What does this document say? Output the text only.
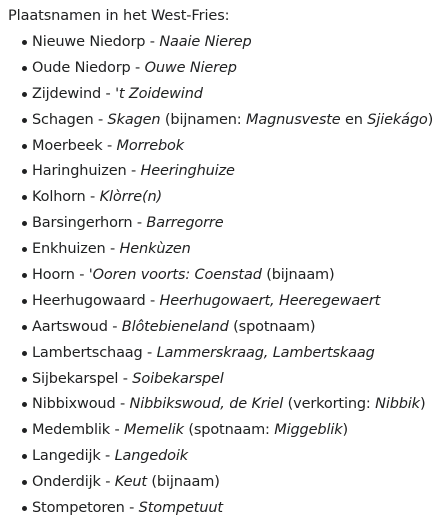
Plaatsnamen in het West-Fries:

Nieuwe Niedorp - Naaie Nierep
Oude Niedorp - Ouwe Nierep
Zijdewind - 't Zoidewind
Schagen - Skagen (bijnamen: Magnusveste en Sjiekágo)
Moerbeek - Morrebok
Haringhuizen - Heeringhuize
Kolhorn - Klòrre(n)
Barsingerhorn - Barregorre
Enkhuizen - Henkùzen
Hoorn - 'Ooren voorts: Coenstad (bijnaam)
Heerhugowaard - Heerhugowaert, Heeregewaert
Aartswoud - Blôtebieneland (spotnaam)
Lambertschaag - Lammerskraag, Lambertskaag
Sijbekarspel - Soibekarspel
Nibbixwoud - Nibbikswoud, de Kriel (verkorting: Nibbik)
Medemblik - Memelik (spotnaam: Miggeblik)
Langedijk - Langedoik
Onderdijk - Keut (bijnaam)
Stompetoren - Stompetuut
